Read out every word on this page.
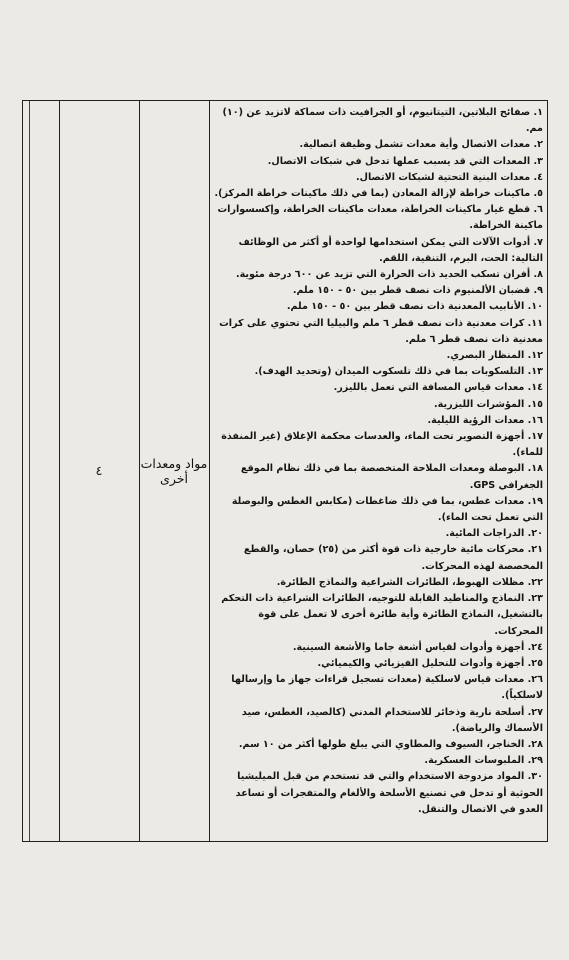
٤	مواد ومعدات أخرى
١. صفائح البلاتين، التيتانيوم، أو الجرافيت ذات سماكة لاتزيد عن (١٠) مم.
٢. معدات الاتصال وأية معدات تشمل وظيفة اتصالية.
٣. المعدات التي قد يسبب عملها تدخل في شبكات الاتصال.
٤. معدات البنية التحتية لشبكات الاتصال.
٥. ماكينات خراطة لإزالة المعادن (بما في ذلك ماكينات خراطة المركز).
٦. قطع غيار ماكينات الخراطة، معدات ماكينات الخراطة، وإكسسوارات ماكينة الخراطة.
٧. أدوات الآلات التي يمكن استخدامها لواحدة أو أكثر من الوظائف التالية: الحت، البرم، التنقية، اللقم.
٨. أفران تسكب الحديد ذات الحرارة التي تزيد عن ٦٠٠ درجة مئوية.
٩. قضبان الألمنيوم ذات نصف قطر بين ٥٠ - ١٥٠ ملم.
١٠. الأنابيب المعدنية ذات نصف قطر بين ٥٠ - ١٥٠ ملم.
١١. كرات معدنية ذات نصف قطر ٦ ملم والبيليا التي تحتوي على كرات معدنية ذات نصف قطر ٦ ملم.
١٢. المنظار البصري.
١٣. التلسكوبات بما في ذلك تلسكوب الميدان (وتحديد الهدف).
١٤. معدات قياس المسافة التي تعمل بالليزر.
١٥. المؤشرات الليزرية.
١٦. معدات الرؤية الليلية.
١٧. أجهزة التصوير تحت الماء، والعدسات محكمة الإغلاق (غير المنفذة للماء).
١٨. البوصلة ومعدات الملاحة المتخصصة بما في ذلك نظام الموقع الجغرافي GPS.
١٩. معدات غطس، بما في ذلك ضاغطات (مكابس الغطس والبوصلة التي تعمل تحت الماء).
٢٠. الدراجات المائية.
٢١. محركات مائية خارجية ذات قوة أكثر من (٢٥) حصان، والقطع المخصصة لهذه المحركات.
٢٢. مظلات الهبوط، الطائرات الشراعية والنماذج الطائرة.
٢٣. النماذج والمناطيد القابلة للتوجيه، الطائرات الشراعية ذات التحكم بالتشغيل، النماذج الطائرة وأية طائرة أخرى لا تعمل على قوة المحركات.
٢٤. أجهزة وأدوات لقياس أشعة جاما والأشعة السينية.
٢٥. أجهزة وأدوات للتحليل الفيزيائي والكيميائي.
٢٦. معدات قياس لاسلكية (معدات تسجيل قراءات جهاز ما وإرسالها لاسلكياً).
٢٧. أسلحة نارية وذخائر للاستخدام المدني (كالصيد، الغطس، صيد الأسماك والرياضة).
٢٨. الخناجر، السيوف والمطاوي التي يبلغ طولها أكثر من ١٠ سم.
٢٩. الملبوسات العسكرية.
٣٠. المواد مزدوجة الاستخدام والتي قد تستخدم من قبل الميليشيا الحوثية أو تدخل في تصنيع الأسلحة والألغام والمتفجرات أو تساعد العدو في الاتصال والتنقل.
